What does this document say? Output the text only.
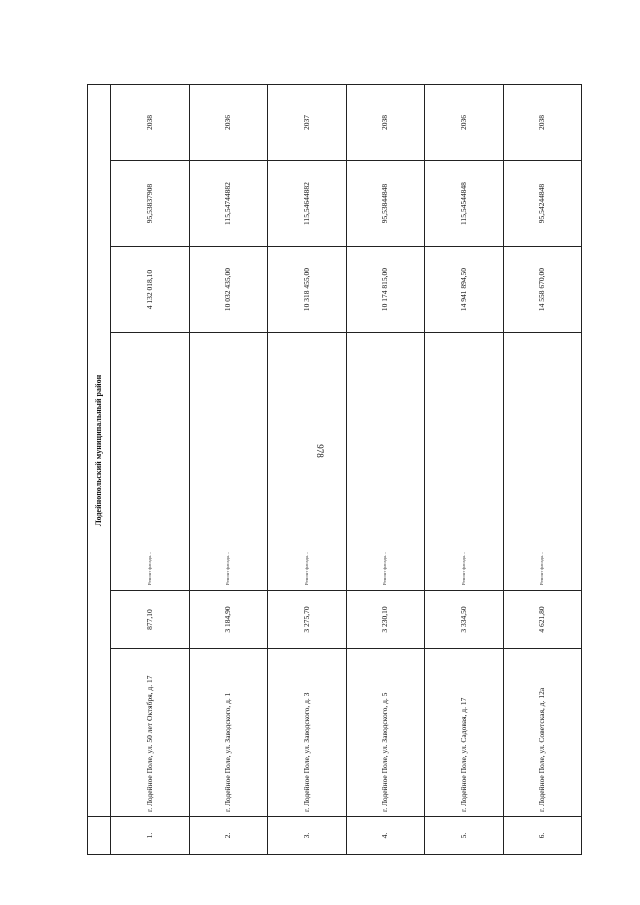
978
	Лодейнопольский муниципальный район					
1.	г. Лодейное Поле, ул. 50 лет Октября, д. 17	877,10	Ремонт фасада…	4 132 018,10	95,53837908	2038
2.	г. Лодейное Поле, ул. Заводского, д. 1	3 184,90	Ремонт фасада…	10 032 435,00	115,54744882	2036
3.	г. Лодейное Поле, ул. Заводского, д. 3	3 275,70	Ремонт фасада…	10 318 455,00	115,54644882	2037
4.	г. Лодейное Поле, ул. Заводского, д. 5	3 230,10	Ремонт фасада…	10 174 815,00	95,53844848	2038
5.	г. Лодейное Поле, ул. Садовая, д. 17	3 334,50	Ремонт фасада…	14 941 894,50	115,54544848	2036
6.	г. Лодейное Поле, ул. Советская, д. 12а	4 621,80	Ремонт фасада…	14 558 670,00	95,54244848	2038
